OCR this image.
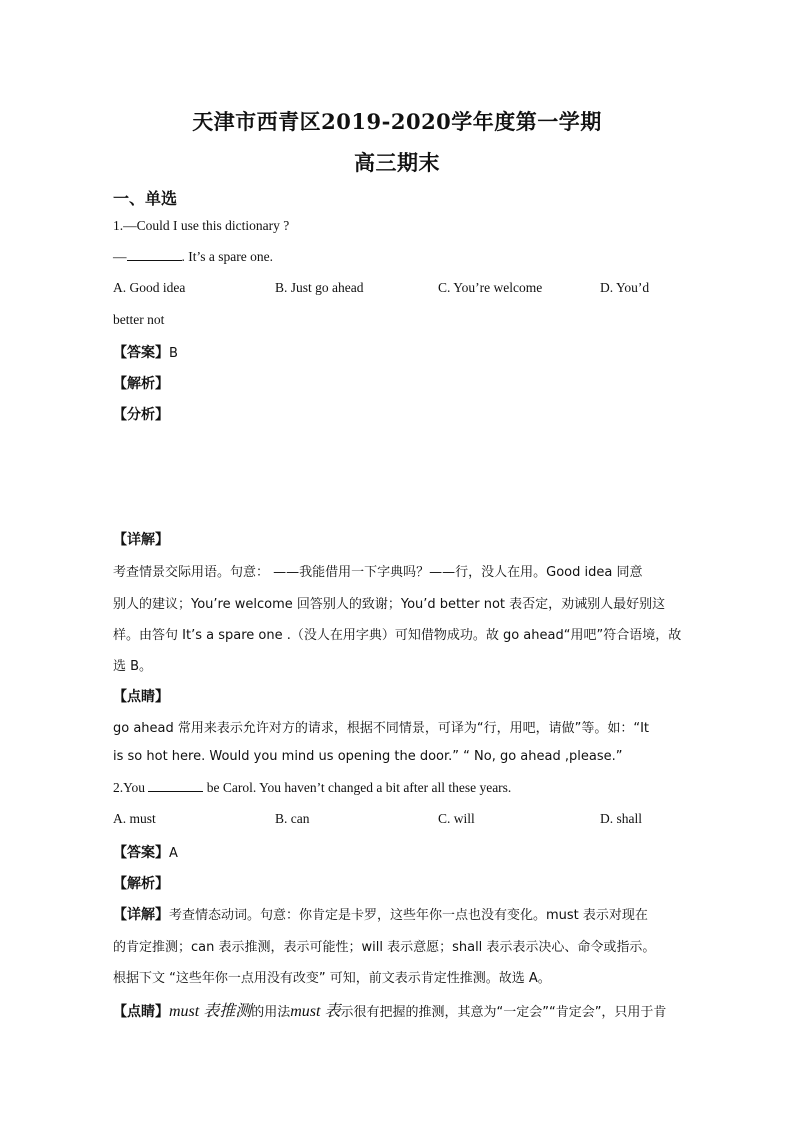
天津市西青区2019-2020学年度第一学期
高三期末
一、单选
1.—Could I use this dictionary ?
—	. It’s a spare one.
A. Good idea	B. Just go ahead	C. You’re welcome	D. You’d
better not
【答案】B
【解析】
【分析】
【详解】
考查情景交际用语。句意： ——我能借用一下字典吗？——行，没人在用。Good idea 同意
别人的建议；You’re welcome 回答别人的致谢；You’d better not 表否定，劝诫别人最好别这
样。由答句 It’s a spare one .（没人在用字典）可知借物成功。故 go ahead“用吧”符合语境，故
选 B。
【点睛】
go ahead 常用来表示允许对方的请求，根据不同情景，可译为“行，用吧，请做”等。如：“It
is so hot here. Would you mind us opening the door.” “ No, go ahead ,please.”
2.You	be Carol. You haven’t changed a bit after all these years.
A. must	B. can	C. will	D. shall
【答案】A
【解析】
【详解】考查情态动词。句意：你肯定是卡罗，这些年你一点也没有变化。must 表示对现在
的肯定推测；can 表示推测，表示可能性；will 表示意愿；shall 表示表示决心、命令或指示。
根据下文 “这些年你一点用没有改变” 可知，前文表示肯定性推测。故选 A。
【点睛】must 表推测的用法must 表示很有把握的推测，其意为“一定会”“肯定会”，只用于肯
